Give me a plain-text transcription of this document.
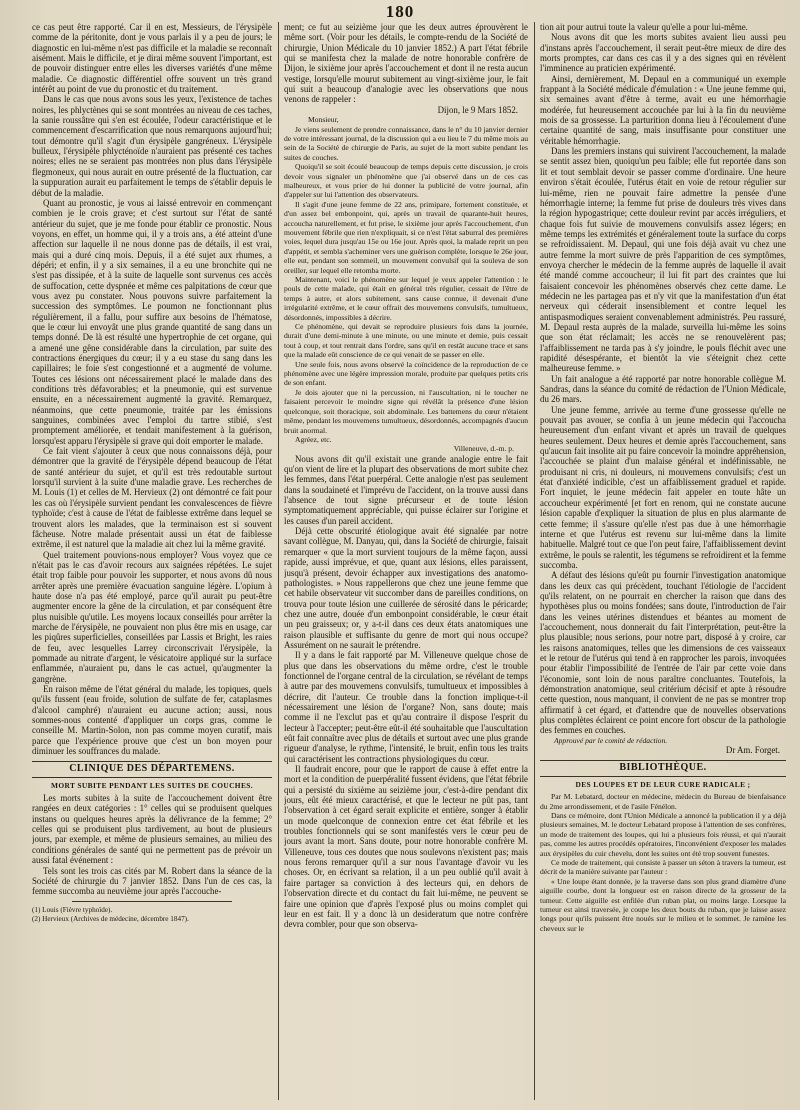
180

ce cas peut être rapporté. Car il en est, Messieurs, de l'érysipèle comme de la péritonite, dont je vous parlais il y a peu de jours; le diagnostic en lui-même n'est pas difficile et la maladie se reconnaît aisément. Mais le difficile, et je dirai même souvent l'important, est de pouvoir distinguer entre elles les diverses variétés d'une même maladie. Ce diagnostic différentiel offre souvent un très grand intérêt au point de vue du pronostic et du traitement.

Dans le cas que nous avons sous les yeux, l'existence de taches noires, les phlyctènes qui se sont montrées au niveau de ces taches, la sanie roussâtre qui s'en est écoulée, l'odeur caractéristique et le commencement d'escarrification que nous remarquons aujourd'hui; tout démontre qu'il s'agit d'un érysipèle gangréneux. L'érysipèle bulleux, l'érysipèle phlycténoïde n'auraient pas présenté ces taches noires; elles ne se seraient pas montrées non plus dans l'érysipèle flegmoneux, qui nous aurait en outre présenté de la fluctuation, car la suppuration aurait eu parfaitement le temps de s'établir depuis le début de la maladie.

Quant au pronostic, je vous ai laissé entrevoir en commençant combien je le crois grave; et c'est surtout sur l'état de santé antérieur du sujet, que je me fonde pour établir ce pronostic. Nous voyons, en effet, un homme qui, il y a trois ans, a été atteint d'une affection sur laquelle il ne nous donne pas de détails, il est vrai, mais qui a duré cinq mois. Depuis, il a été sujet aux rhumes, a dépéri; et enfin, il y a six semaines, il a eu une bronchite qui ne s'est pas dissipée, et à la suite de laquelle sont survenus ces accès de suffocation, cette dyspnée et même ces palpitations de cœur que vous avez pu constater. Nous pouvons suivre parfaitement la succession des symptômes. Le poumon ne fonctionnant plus régulièrement, il a fallu, pour suffire aux besoins de l'hématose, que le cœur lui envoyât une plus grande quantité de sang dans un temps donné. De là est résulté une hypertrophie de cet organe, qui a amené une gêne considérable dans la circulation, par suite des contractions énergiques du cœur; il y a eu stase du sang dans les capillaires; le foie s'est congestionné et a augmenté de volume. Toutes ces lésions ont nécessairement placé le malade dans des conditions très défavorables; et la pneumonie, qui est survenue ensuite, en a nécessairement augmenté la gravité. Remarquez, néanmoins, que cette pneumonie, traitée par les émissions sanguines, combinées avec l'emploi du tartre stibié, s'est promptement améliorée, et tendait manifestement à la guérison, lorsqu'est apparu l'érysipèle si grave qui doit emporter le malade.

Ce fait vient s'ajouter à ceux que nous connaissons déjà, pour démontrer que la gravité de l'érysipèle dépend beaucoup de l'état de santé antérieur du sujet, et qu'il est très redoutable surtout lorsqu'il survient à la suite d'une maladie grave. Les recherches de M. Louis (1) et celles de M. Hervieux (2) ont démontré ce fait pour les cas où l'érysipèle survient pendant les convalescences de fièvre typhoïde; c'est à cause de l'état de faiblesse extrême dans lequel se trouvent alors les malades, que la terminaison est si souvent fâcheuse. Notre malade présentait aussi un état de faiblesse extrême, il est naturel que la maladie ait chez lui la même gravité.

Quel traitement pouvions-nous employer? Vous voyez que ce n'était pas le cas d'avoir recours aux saignées répétées. Le sujet était trop faible pour pouvoir les supporter, et nous avons dû nous arrêter après une première évacuation sanguine légère. L'opium à haute dose n'a pas été employé, parce qu'il aurait pu peut-être augmenter encore la gêne de la circulation, et par conséquent être plus nuisible qu'utile. Les moyens locaux conseillés pour arrêter la marche de l'érysipèle, ne pouvaient non plus être mis en usage, car les piqûres superficielles, conseillées par Lassis et Bright, les raies de feu, avec lesquelles Larrey circonscrivait l'érysipèle, la pommade au nitrate d'argent, le vésicatoire appliqué sur la surface enflammée, n'auraient pu, dans le cas actuel, qu'augmenter la gangrène.

En raison même de l'état général du malade, les topiques, quels qu'ils fussent (eau froide, solution de sulfate de fer, cataplasmes d'alcool camphré) n'auraient eu aucune action; aussi, nous sommes-nous contenté d'appliquer un corps gras, comme le conseille M. Martin-Solon, non pas comme moyen curatif, mais parce que l'expérience prouve que c'est un bon moyen pour diminuer les souffrances du malade.

CLINIQUE DES DÉPARTEMENS.
MORT SUBITE PENDANT LES SUITES DE COUCHES.

Les morts subites à la suite de l'accouchement doivent être rangées en deux catégories : 1° celles qui se produisent quelques instans ou quelques heures après la délivrance de la femme; 2° celles qui se produisent plus tardivement, au bout de plusieurs jours, par exemple, et même de plusieurs semaines, au milieu des conditions générales de santé qui ne permettent pas de prévoir un aussi fatal événement :

Tels sont les trois cas cités par M. Robert dans la séance de la Société de chirurgie du 7 janvier 1852. Dans l'un de ces cas, la femme succomba au neuvième jour après l'accouche-

(1) Louis (Fièvre typhoïde).
(2) Hervieux (Archives de médecine, décembre 1847).

ment; ce fut au seizième jour que les deux autres éprouvèrent le même sort. (Voir pour les détails, le compte-rendu de la Société de chirurgie, Union Médicale du 10 janvier 1852.) A part l'état fébrile qui se manifesta chez la malade de notre honorable confrère de Dijon, le sixième jour après l'accouchement et dont il ne resta aucun vestige, lorsqu'elle mourut subitement au vingt-sixième jour, le fait qui suit a beaucoup d'analogie avec les observations que nous venons de rappeler :

Dijon, le 9 Mars 1852.
Monsieur,

Je viens seulement de prendre connaissance, dans le n° du 10 janvier dernier de votre intéressant journal, de la discussion qui a eu lieu le 7 du même mois au sein de la Société de chirurgie de Paris, au sujet de la mort subite pendant les suites de couches.

Quoiqu'il se soit écoulé beaucoup de temps depuis cette discussion, je crois devoir vous signaler un phénomène que j'ai observé dans un de ces cas malheureux, et vous prier de lui donner la publicité de votre journal, afin d'appeler sur lui l'attention des observateurs.

Il s'agit d'une jeune femme de 22 ans, primipare, fortement constituée, et d'un assez bel embonpoint, qui, après un travail de quarante-huit heures, accoucha naturellement, et fut prise, le sixième jour après l'accouchement, d'un mouvement fébrile que rien n'expliquait, si ce n'est l'état saburral des premières voies, lequel dura jusqu'au 15e ou 16e jour. Après quoi, la malade reprit un peu d'appétit, et sembla s'acheminer vers une guérison complète, lorsque le 26e jour, elle eut, pendant son sommeil, un mouvement convulsif qui la souleva de son oreiller, sur lequel elle retomba morte.

Maintenant, voici le phénomène sur lequel je veux appeler l'attention : le pouls de cette malade, qui était en général très régulier, cessait de l'être de temps à autre, et alors subitement, sans cause connue, il devenait d'une irrégularité extrême, et le cœur offrait des mouvemens convulsifs, tumultueux, désordonnés, impossibles à décrire.

Ce phénomène, qui devait se reproduire plusieurs fois dans la journée, durait d'une demi-minute à une minute, ou une minute et demie, puis cessait tout à coup, et tout rentrait dans l'ordre, sans qu'il en restât aucune trace et sans que la malade eût conscience de ce qui venait de se passer en elle.

Une seule fois, nous avons observé la coïncidence de la reproduction de ce phénomène avec une légère impression morale, produite par quelques petits cris de son enfant.

Je dois ajouter que ni la percussion, ni l'auscultation, ni le toucher ne faisaient percevoir le moindre signe qui révélât la présence d'une lésion quelconque, soit thoracique, soit abdominale. Les battemens du cœur n'étaient même, pendant les mouvemens tumultueux, désordonnés, accompagnés d'aucun bruit anormal.

Agréez, etc.

Villeneuve, d.-m. p.

Nous avons dit qu'il existait une grande analogie entre le fait qu'on vient de lire et la plupart des observations de mort subite chez les femmes, dans l'état puerpéral. Cette analogie n'est pas seulement dans la soudaineté et l'imprévu de l'accident, on la trouve aussi dans l'absence de tout signe précurseur et de toute lésion symptomatiquement appréciable, qui puisse éclairer sur l'origine et les causes d'un pareil accident.

Déjà cette obscurité étiologique avait été signalée par notre savant collègue, M. Danyau, qui, dans la Société de chirurgie, faisait remarquer « que la mort survient toujours de la même façon, aussi rapide, aussi imprévue, et que, quant aux lésions, elles paraissent, jusqu'à présent, devoir échapper aux investigations des anatomo-pathologistes. » Nous rappellerons que chez une jeune femme que cet habile observateur vit succomber dans de pareilles conditions, on trouva pour toute lésion une cuillerée de sérosité dans le péricarde; chez une autre, douée d'un embonpoint considérable, le cœur était un peu graisseux; or, y a-t-il dans ces deux états anatomiques une raison plausible et suffisante du genre de mort qui nous occupe? Assurément on ne saurait le prétendre.

Il y a dans le fait rapporté par M. Villeneuve quelque chose de plus que dans les observations du même ordre, c'est le trouble fonctionnel de l'organe central de la circulation, se révélant de temps à autre par des mouvemens convulsifs, tumultueux et impossibles à décrire, dit l'auteur. Ce trouble dans la fonction implique-t-il nécessairement une lésion de l'organe? Non, sans doute; mais comme il ne l'exclut pas et qu'au contraire il dispose l'esprit du lecteur à l'accepter; peut-être eût-il été souhaitable que l'auscultation eût fait connaître avec plus de détails et surtout avec une plus grande rigueur d'analyse, le rythme, l'intensité, le bruit, enfin tous les traits qui caractérisent les contractions physiologiques du cœur.

Il faudrait encore, pour que le rapport de cause à effet entre la mort et la condition de puerpéralité fussent évidens, que l'état fébrile qui a persisté du sixième au seizième jour, c'est-à-dire pendant dix jours, eût été mieux caractérisé, et que le lecteur ne pût pas, tant l'observation à cet égard serait explicite et entière, songer à établir un mode quelconque de connexion entre cet état fébrile et les troubles fonctionnels qui se sont manifestés vers le cœur peu de jours avant la mort. Sans doute, pour notre honorable confrère M. Villeneuve, tous ces doutes que nous soulevons n'existent pas; mais nous ferons remarquer qu'il a sur nous l'avantage d'avoir vu les choses. Or, en écrivant sa relation, il a un peu oublié qu'il avait à faire partager sa conviction à des lecteurs qui, en dehors de l'observation directe et du contact du fait lui-même, ne peuvent se faire une opinion que d'après l'exposé plus ou moins complet qui leur en est fait. Il y a donc là un desideratum que notre confrère devra combler, pour que son observa-

tion ait pour autrui toute la valeur qu'elle a pour lui-même.

Nous avons dit que les morts subites avaient lieu aussi peu d'instans après l'accouchement, il serait peut-être mieux de dire des morts promptes, car dans ces cas il y a des signes qui en révèlent l'imminence au praticien expérimenté.

Ainsi, dernièrement, M. Depaul en a communiqué un exemple frappant à la Société médicale d'émulation : « Une jeune femme qui, six semaines avant d'être à terme, avait eu une hémorrhagie modérée, fut heureusement accouchée par lui à la fin du neuvième mois de sa grossesse. La parturition donna lieu à l'écoulement d'une certaine quantité de sang, mais insuffisante pour constituer une véritable hémorrhagie.

Dans les premiers instans qui suivirent l'accouchement, la malade se sentit assez bien, quoiqu'un peu faible; elle fut reportée dans son lit et tout semblait devoir se passer comme d'ordinaire. Une heure environ s'était écoulée, l'utérus était en voie de retour régulier sur lui-même, rien ne pouvait faire admettre la pensée d'une hémorrhagie interne; la femme fut prise de douleurs très vives dans la région hypogastrique; cette douleur revint par accès irréguliers, et chaque fois fut suivie de mouvemens convulsifs assez légers; en même temps les extrémités et généralement toute la surface du corps se refroidissaient. M. Depaul, qui une fois déjà avait vu chez une autre femme la mort suivre de près l'apparition de ces symptômes, envoya chercher le médecin de la femme auprès de laquelle il avait été mandé comme accoucheur; il lui fit part des craintes que lui faisaient concevoir les phénomènes observés chez cette dame. Le médecin ne les partagea pas et n'y vit que la manifestation d'un état nerveux qui céderait insensiblement et contre lequel les antispasmodiques seraient convenablement administrés. Peu rassuré, M. Depaul resta auprès de la malade, surveilla lui-même les soins que son état réclamait; les accès ne se renouvelèrent pas; l'affaiblissement ne tarda pas à s'y joindre, le pouls fléchit avec une rapidité désespérante, et bientôt la vie s'éteignit chez cette malheureuse femme. »

Un fait analogue a été rapporté par notre honorable collègue M. Sandras, dans la séance du comité de rédaction de l'Union Médicale, du 26 mars.

Une jeune femme, arrivée au terme d'une grossesse qu'elle ne pouvait pas avouer, se confia à un jeune médecin qui l'accoucha heureusement d'un enfant vivant et après un travail de quelques heures seulement. Deux heures et demie après l'accouchement, sans qu'aucun fait insolite ait pu faire concevoir la moindre appréhension, l'accouchée se plaint d'un malaise général et indéfinissable, ne produisant ni cris, ni douleurs, ni mouvemens convulsifs; c'est un état d'anxiété indicible, c'est un affaiblissement graduel et rapide. Fort inquiet, le jeune médecin fait appeler en toute hâte un accoucheur expérimenté [et fort en renom, qui ne constate aucune lésion capable d'expliquer la situation de plus en plus alarmante de cette femme; il s'assure qu'elle n'est pas due à une hémorrhagie interne et que l'utérus est revenu sur lui-même dans la limite habituelle. Malgré tout ce que l'on peut faire, l'affaiblissement devint extrême, le pouls se ralentit, les tégumens se refroidirent et la femme succomba.

A défaut des lésions qu'eût pu fournir l'investigation anatomique dans les deux cas qui précèdent, touchant l'étiologie de l'accident qu'ils relatent, on ne pourrait en chercher la raison que dans des hypothèses plus ou moins fondées; sans doute, l'introduction de l'air dans les veines utérines distendues et béantes au moment de l'accouchement, nous donnerait du fait l'interprétation, peut-être la plus plausible; nous serions, pour notre part, disposé à y croire, car les raisons anatomiques, telles que les dimensions de ces vaisseaux et le retour de l'utérus qui tend à en rapprocher les parois, invoquées pour établir l'impossibilité de l'entrée de l'air par cette voie dans l'économie, sont loin de nous paraître concluantes. Toutefois, la démonstration anatomique, seul critérium décisif et apte à résoudre cette question, nous manquant, il convient de ne pas se montrer trop affirmatif à cet égard, et d'attendre que de nouvelles observations plus complètes éclairent ce point encore fort obscur de la pathologie des femmes en couches.

Approuvé par le comité de rédaction.
Dr Am. Forget.
BIBLIOTHÈQUE.
DES LOUPES ET DE LEUR CURE RADICALE ;

Par M. Lebatard, docteur en médecine, médecin du Bureau de bienfaisance du 2me arrondissement, et de l'asile Fénélon.

Dans ce mémoire, dont l'Union Médicale a annoncé la publication il y a déjà plusieurs semaines, M. le docteur Lebatard propose à l'attention de ses confrères, un mode de traitement des loupes, qui lui a plusieurs fois réussi, et qui n'aurait pas, comme les autres procédés opératoires, l'inconvénient d'exposer les malades aux érysipèles du cuir chevelu, dont les suites ont été trop souvent funestes.

Ce mode de traitement, qui consiste à passer un séton à travers la tumeur, est décrit de la manière suivante par l'auteur :

« Une loupe étant donnée, je la traverse dans son plus grand diamètre d'une aiguille courbe, dont la longueur est en raison directe de la grosseur de la tumeur. Cette aiguille est enfilée d'un ruban plat, ou moins large. Lorsque la tumeur est ainsi traversée, je coupe les deux bouts du ruban, que je laisse assez longs pour qu'ils puissent être noués sur le milieu et le sommet. Je ramène les cheveux sur le
